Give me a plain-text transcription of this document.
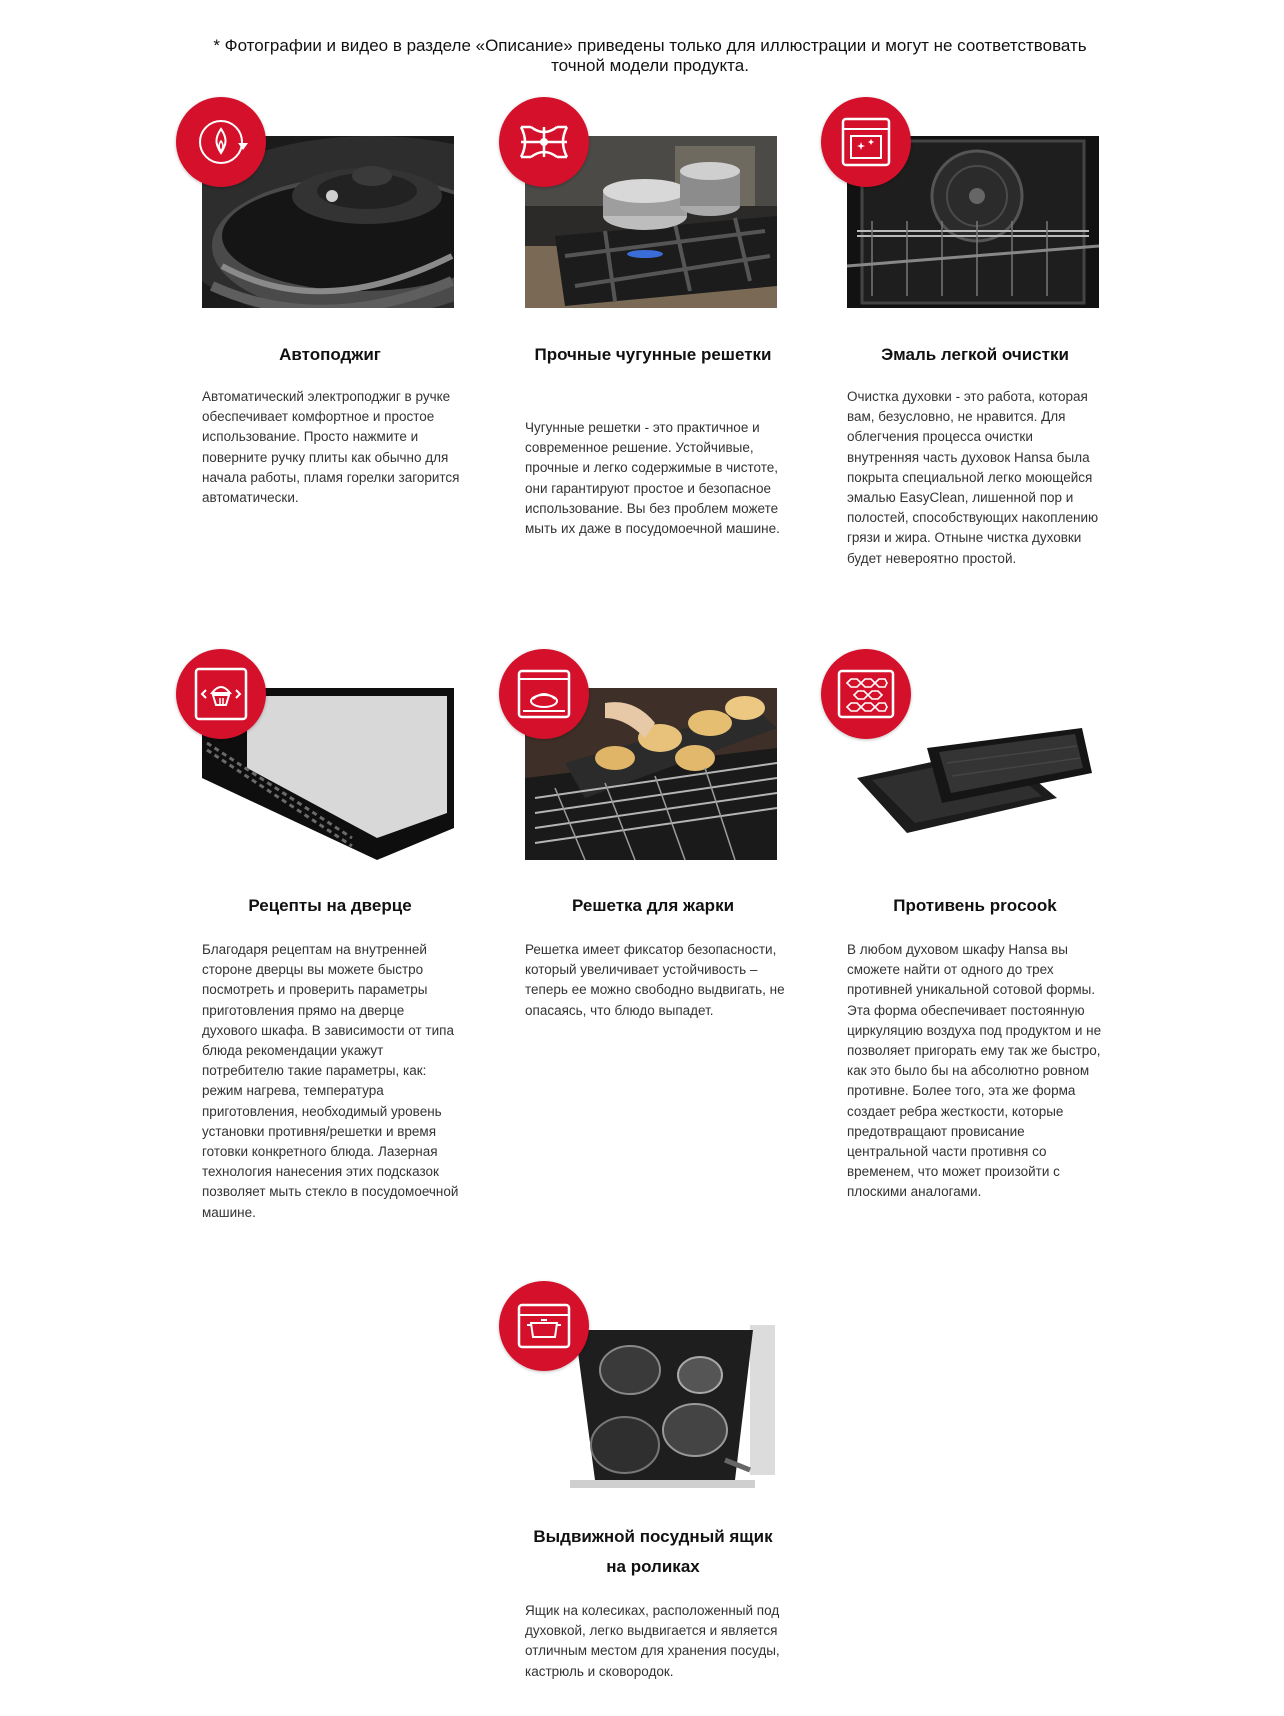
* Фотографии и видео в разделе «Описание» приведены только для иллюстрации и могут не соответствовать
точной модели продукта.
Автоподжиг
Автоматический электроподжиг в ручке обеспечивает комфортное и простое использование. Просто нажмите и поверните ручку плиты как обычно для начала работы, пламя горелки загорится автоматически.
Прочные чугунные решетки
Чугунные решетки - это практичное и современное решение. Устойчивые, прочные и легко содержимые в чистоте, они гарантируют простое и безопасное использование. Вы без проблем можете мыть их даже в посудомоечной машине.
Эмаль легкой очистки
Очистка духовки - это работа, которая вам, безусловно, не нравится. Для облегчения процесса очистки внутренняя часть духовок Hansa была покрыта специальной легко моющейся эмалью EasyClean, лишенной пор и полостей, способствующих накоплению грязи и жира. Отныне чистка духовки будет невероятно простой.
Рецепты на дверце
Благодаря рецептам на внутренней стороне дверцы вы можете быстро посмотреть и проверить параметры приготовления прямо на дверце духового шкафа. В зависимости от типа блюда рекомендации укажут потребителю такие параметры, как: режим нагрева, температура приготовления, необходимый уровень установки противня/решетки и время готовки конкретного блюда. Лазерная технология нанесения этих подсказок позволяет мыть стекло в посудомоечной машине.
Решетка для жарки
Решетка имеет фиксатор безопасности, который увеличивает устойчивость – теперь ее можно свободно выдвигать, не опасаясь, что блюдо выпадет.
Противень procook
В любом духовом шкафу Hansa вы сможете найти от одного до трех противней уникальной сотовой формы. Эта форма обеспечивает постоянную циркуляцию воздуха под продуктом и не позволяет пригорать ему так же быстро, как это было бы на абсолютно ровном противне. Более того, эта же форма создает ребра жесткости, которые предотвращают провисание центральной части противня со временем, что может произойти с плоскими аналогами.
Выдвижной посудный ящик на роликах
Ящик на колесиках, расположенный под духовкой, легко выдвигается и является отличным местом для хранения посуды, кастрюль и сковородок.
